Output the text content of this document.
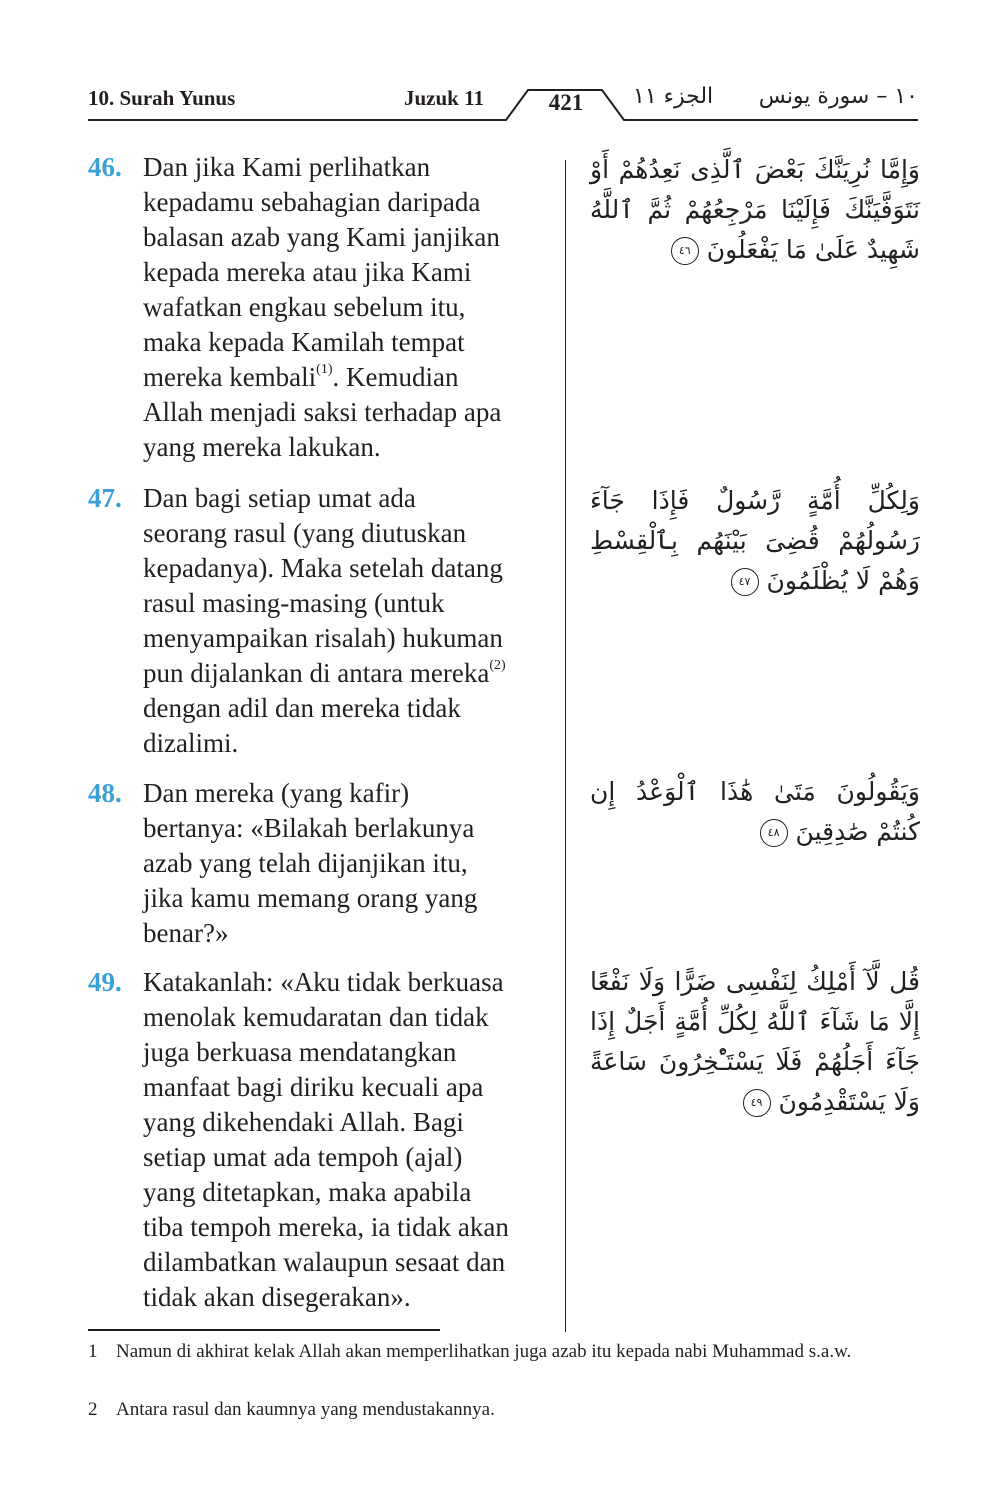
10. Surah Yunus	Juzuk 11	421	الجزء ١١ ١٠ – سورة يونس
46. Dan jika Kami perlihatkan
kepadamu sebahagian daripada
balasan azab yang Kami janjikan
kepada mereka atau jika Kami
wafatkan engkau sebelum itu,
maka kepada Kamilah tempat
mereka kembali$^{(1)}$. Kemudian
Allah menjadi saksi terhadap apa
yang mereka lakukan.
وَإِمَّا نُرِيَنَّكَ بَعْضَ ٱلَّذِى نَعِدُهُمْ أَوْ نَتَوَفَّيَنَّكَ فَإِلَيْنَا مَرْجِعُهُمْ ثُمَّ ٱللَّهُ شَهِيدٌ عَلَىٰ مَا يَفْعَلُونَ ٤٦
47. Dan bagi setiap umat ada
seorang rasul (yang diutuskan
kepadanya). Maka setelah datang
rasul masing-masing (untuk
menyampaikan risalah) hukuman
pun dijalankan di antara mereka$^{(2)}$
dengan adil dan mereka tidak
dizalimi.
وَلِكُلِّ أُمَّةٍ رَّسُولٌ فَإِذَا جَآءَ رَسُولُهُمْ قُضِىَ بَيْنَهُم بِٱلْقِسْطِ وَهُمْ لَا يُظْلَمُونَ ٤٧
48. Dan mereka (yang kafir)
bertanya: «Bilakah berlakunya
azab yang telah dijanjikan itu,
jika kamu memang orang yang
benar?»
وَيَقُولُونَ مَتَىٰ هَٰذَا ٱلْوَعْدُ إِن كُنتُمْ صَٰدِقِينَ ٤٨
49. Katakanlah: «Aku tidak berkuasa
menolak kemudaratan dan tidak
juga berkuasa mendatangkan
manfaat bagi diriku kecuali apa
yang dikehendaki Allah. Bagi
setiap umat ada tempoh (ajal)
yang ditetapkan, maka apabila
tiba tempoh mereka, ia tidak akan
dilambatkan walaupun sesaat dan
tidak akan disegerakan».
قُل لَّآ أَمْلِكُ لِنَفْسِى ضَرًّا وَلَا نَفْعًا إِلَّا مَا شَآءَ ٱللَّهُ لِكُلِّ أُمَّةٍ أَجَلٌ إِذَا جَآءَ أَجَلُهُمْ فَلَا يَسْتَـْٔخِرُونَ سَاعَةً وَلَا يَسْتَقْدِمُونَ ٤٩
1 Namun di akhirat kelak Allah akan memperlihatkan juga azab itu kepada nabi Muhammad s.a.w.
2 Antara rasul dan kaumnya yang mendustakannya.
